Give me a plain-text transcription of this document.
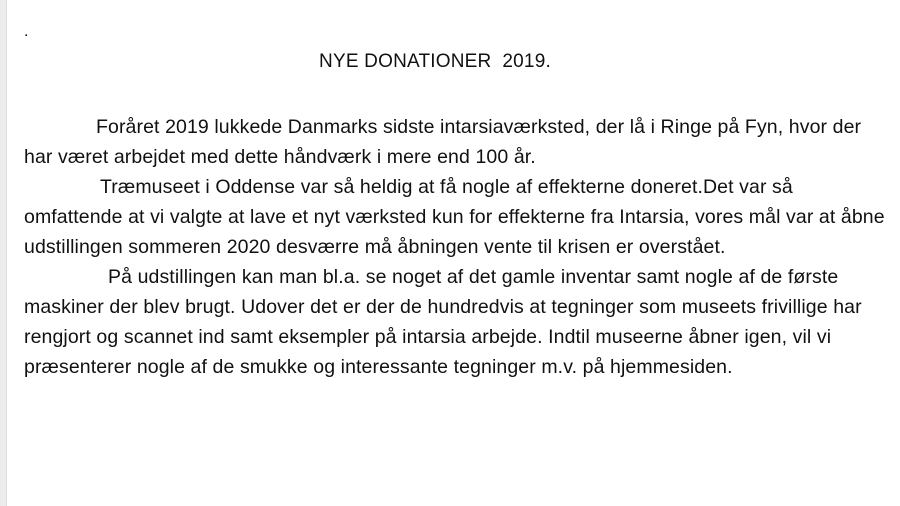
.
NYE DONATIONER  2019.

Foråret 2019 lukkede Danmarks sidste intarsiaværksted, der lå i Ringe på Fyn, hvor der har været arbejdet med dette håndværk i mere end 100 år.

Træmuseet i Oddense var så heldig at få nogle af effekterne doneret.Det var så omfattende at vi valgte at lave et nyt værksted kun for effekterne fra Intarsia, vores mål var at åbne udstillingen sommeren 2020 desværre må åbningen vente til krisen er overstået.

På udstillingen kan man bl.a. se noget af det gamle inventar samt nogle af de første maskiner der blev brugt. Udover det er der de hundredvis at tegninger som museets frivillige har rengjort og scannet ind samt eksempler på intarsia arbejde. Indtil museerne åbner igen, vil vi præsenterer nogle af de smukke og interessante tegninger m.v. på hjemmesiden.
